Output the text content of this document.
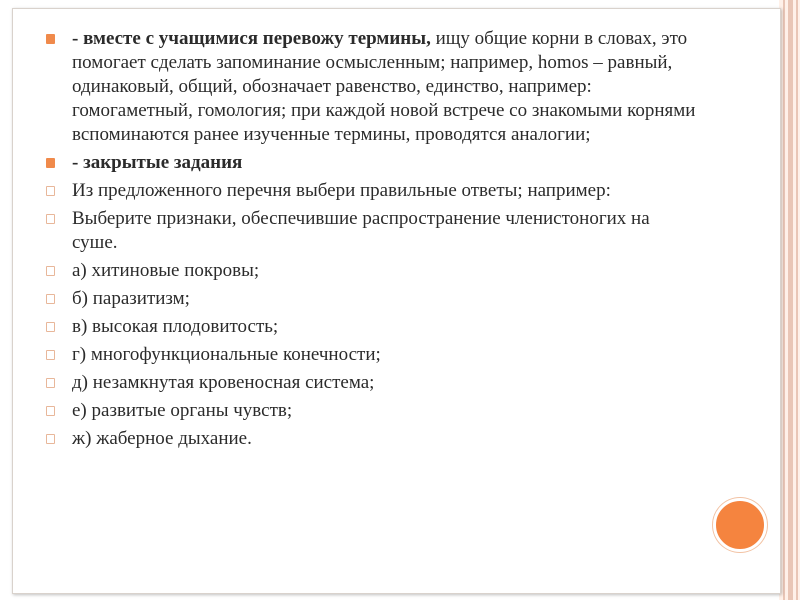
- вместе с учащимися перевожу термины, ищу общие корни в словах, это помогает сделать запоминание осмысленным; например, homos – равный, одинаковый, общий, обозначает равенство, единство, например: гомогаметный, гомология; при каждой новой встрече со знакомыми корнями вспоминаются ранее изученные термины, проводятся аналогии;
- закрытые задания
Из предложенного перечня выбери правильные ответы; например:
Выберите признаки, обеспечившие распространение членистоногих на суше.
а) хитиновые покровы;
б) паразитизм;
в) высокая плодовитость;
г) многофункциональные конечности;
д) незамкнутая кровеносная система;
е) развитые органы чувств;
ж) жаберное дыхание.
